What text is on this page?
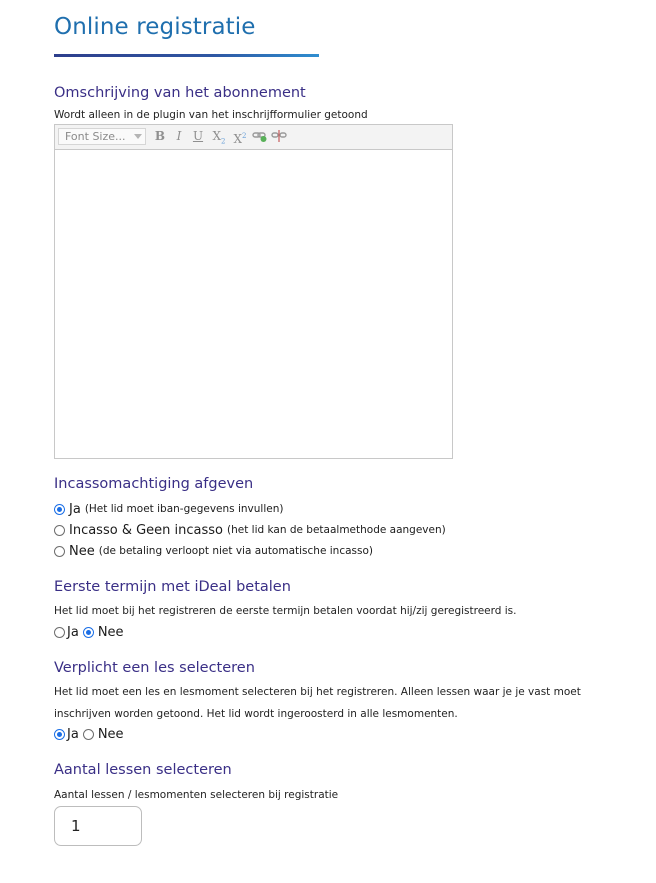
Online registratie
Omschrijving van het abonnement
Wordt alleen in de plugin van het inschrijfformulier getoond
Font Size...	B I U $X_2$ $X^2$
Incassomachtiging afgeven
Ja (Het lid moet iban-gegevens invullen)
Incasso & Geen incasso (het lid kan de betaalmethode aangeven)
Nee (de betaling verloopt niet via automatische incasso)
Eerste termijn met iDeal betalen
Het lid moet bij het registreren de eerste termijn betalen voordat hij/zij geregistreerd is.
Ja Nee
Verplicht een les selecteren
Het lid moet een les en lesmoment selecteren bij het registreren. Alleen lessen waar je je vast moet
inschrijven worden getoond. Het lid wordt ingeroosterd in alle lesmomenten.
Ja Nee
Aantal lessen selecteren
Aantal lessen / lesmomenten selecteren bij registratie
1
